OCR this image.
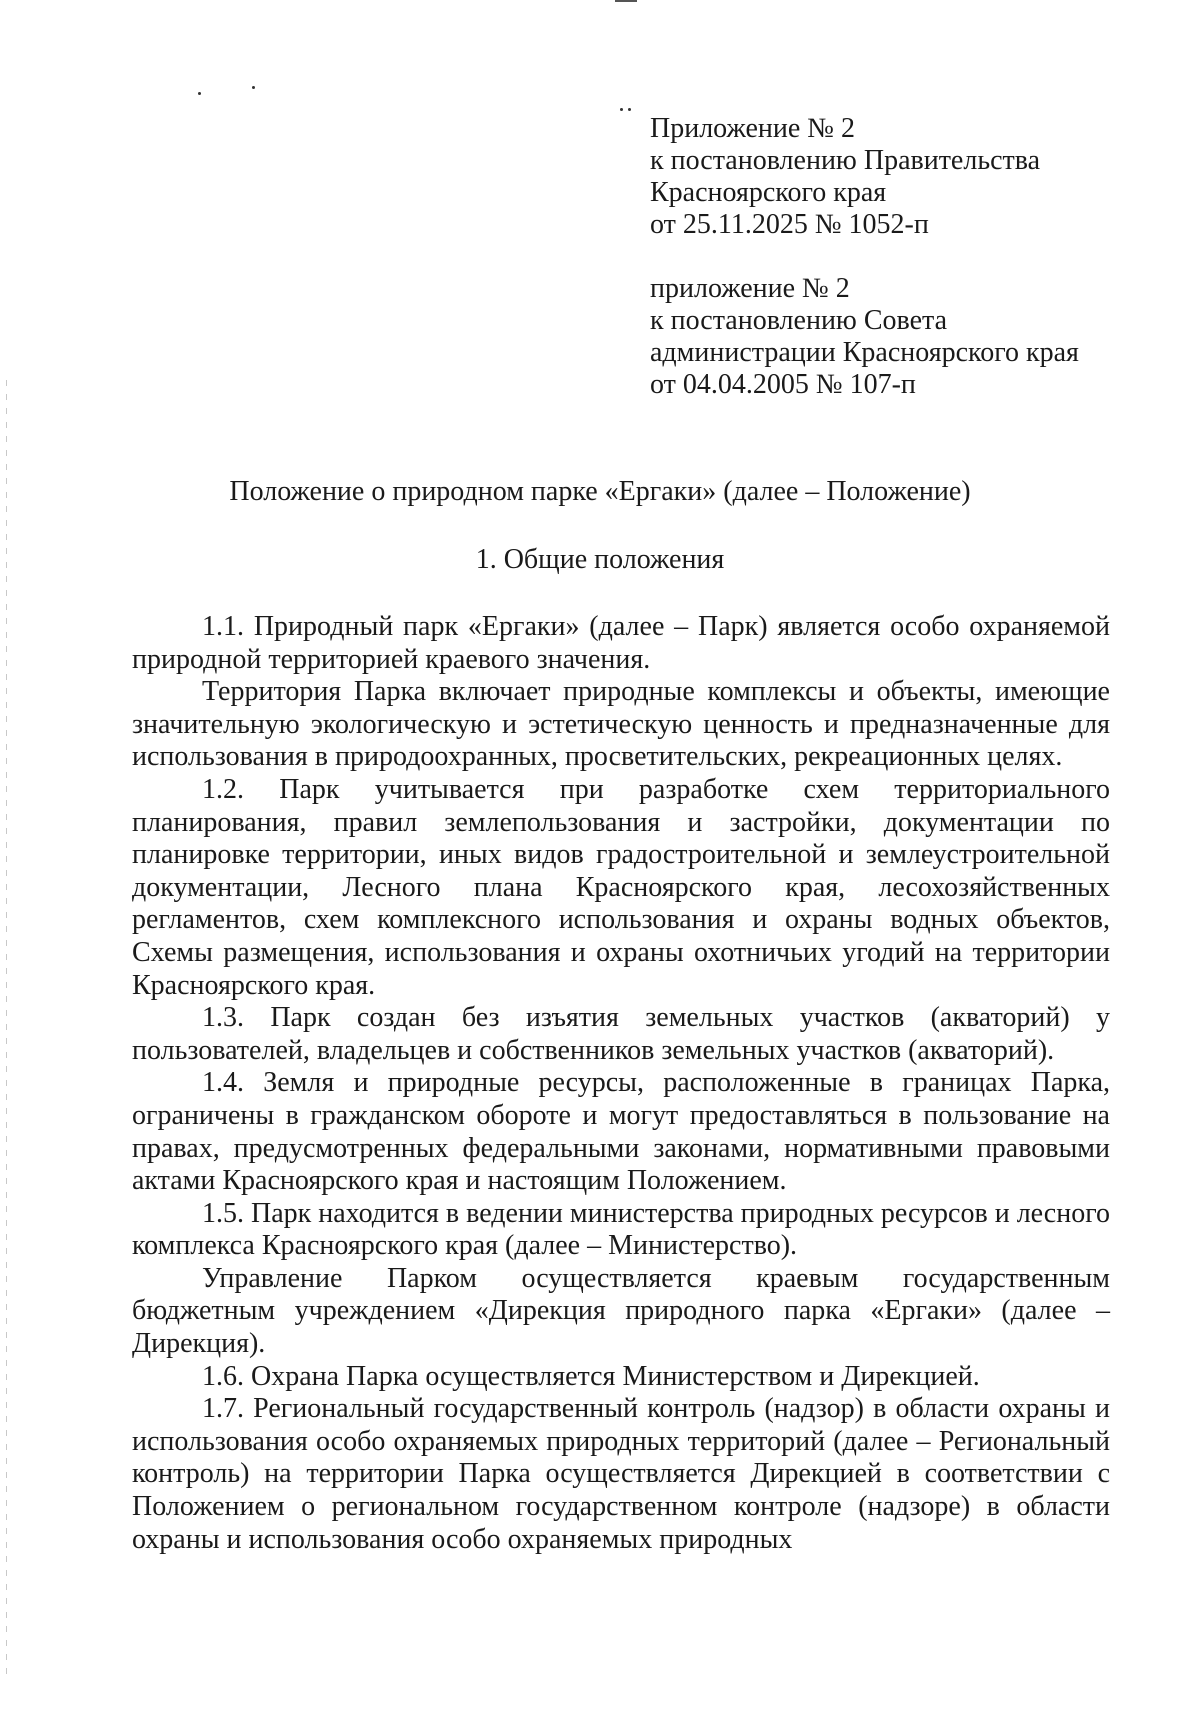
Приложение № 2
к постановлению Правительства
Красноярского края
от 25.11.2025 № 1052-п
приложение № 2
к постановлению Совета
администрации Красноярского края
от 04.04.2005 № 107-п
Положение о природном парке «Ергаки» (далее – Положение)
1. Общие положения

1.1. Природный парк «Ергаки» (далее – Парк) является особо охраняемой природной территорией краевого значения.

Территория Парка включает природные комплексы и объекты, имеющие значительную экологическую и эстетическую ценность и предназначенные для использования в природоохранных, просветительских, рекреационных целях.

1.2. Парк учитывается при разработке схем территориального планирования, правил землепользования и застройки, документации по планировке территории, иных видов градостроительной и землеустроительной документации, Лесного плана Красноярского края, лесохозяйственных регламентов, схем комплексного использования и охраны водных объектов, Схемы размещения, использования и охраны охотничьих угодий на территории Красноярского края.

1.3. Парк создан без изъятия земельных участков (акваторий) у пользователей, владельцев и собственников земельных участков (акваторий).

1.4. Земля и природные ресурсы, расположенные в границах Парка, ограничены в гражданском обороте и могут предоставляться в пользование на правах, предусмотренных федеральными законами, нормативными правовыми актами Красноярского края и настоящим Положением.

1.5. Парк находится в ведении министерства природных ресурсов и лесного комплекса Красноярского края (далее – Министерство).

Управление Парком осуществляется краевым государственным бюджетным учреждением «Дирекция природного парка «Ергаки» (далее – Дирекция).

1.6. Охрана Парка осуществляется Министерством и Дирекцией.

1.7. Региональный государственный контроль (надзор) в области охраны и использования особо охраняемых природных территорий (далее – Региональный контроль) на территории Парка осуществляется Дирекцией в соответствии с Положением о региональном государственном контроле (надзоре) в области охраны и использования особо охраняемых природных
